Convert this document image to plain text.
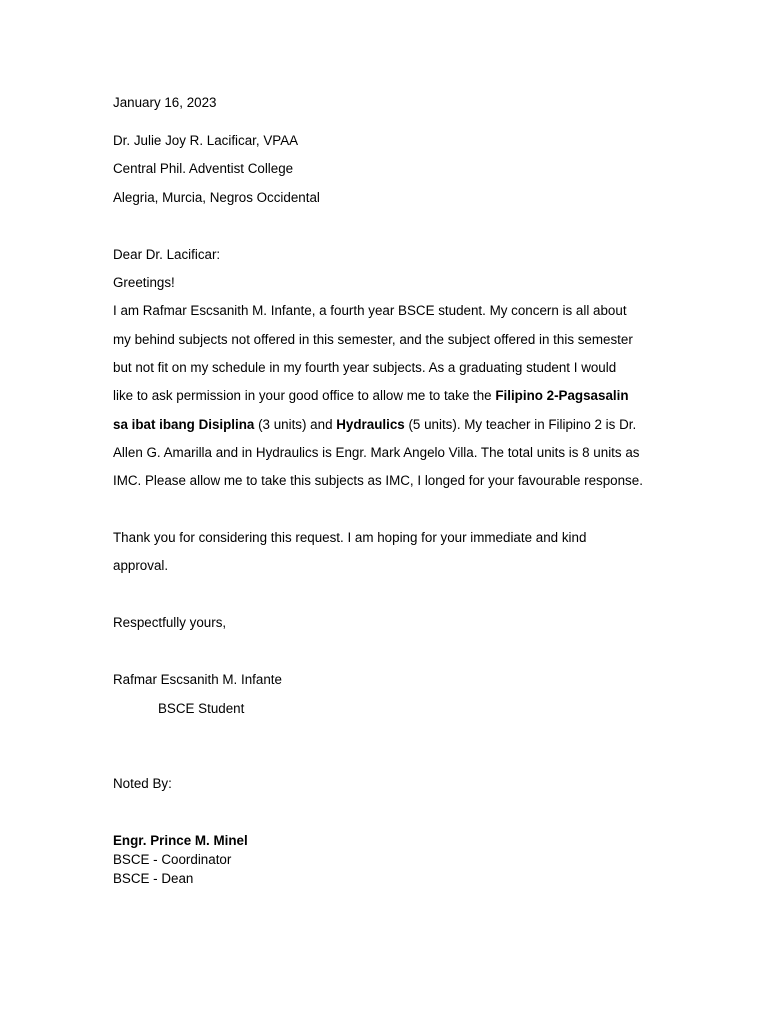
January 16, 2023
Dr. Julie Joy R. Lacificar, VPAA
Central Phil. Adventist College
Alegria, Murcia, Negros Occidental
Dear Dr. Lacificar:
Greetings!
I am Rafmar Escsanith M. Infante, a fourth year BSCE student. My concern is all about
my behind subjects not offered in this semester, and the subject offered in this semester
but not fit on my schedule in my fourth year subjects. As a graduating student I would
like to ask permission in your good office to allow me to take the Filipino 2-Pagsasalin
sa ibat ibang Disiplina (3 units) and Hydraulics (5 units). My teacher in Filipino 2 is Dr.
Allen G. Amarilla and in Hydraulics is Engr. Mark Angelo Villa. The total units is 8 units as
IMC. Please allow me to take this subjects as IMC, I longed for your favourable response.
Thank you for considering this request. I am hoping for your immediate and kind
approval.
Respectfully yours,
Rafmar Escsanith M. Infante
BSCE Student
Noted By:
Engr. Prince M. Minel
BSCE - Coordinator
BSCE - Dean
